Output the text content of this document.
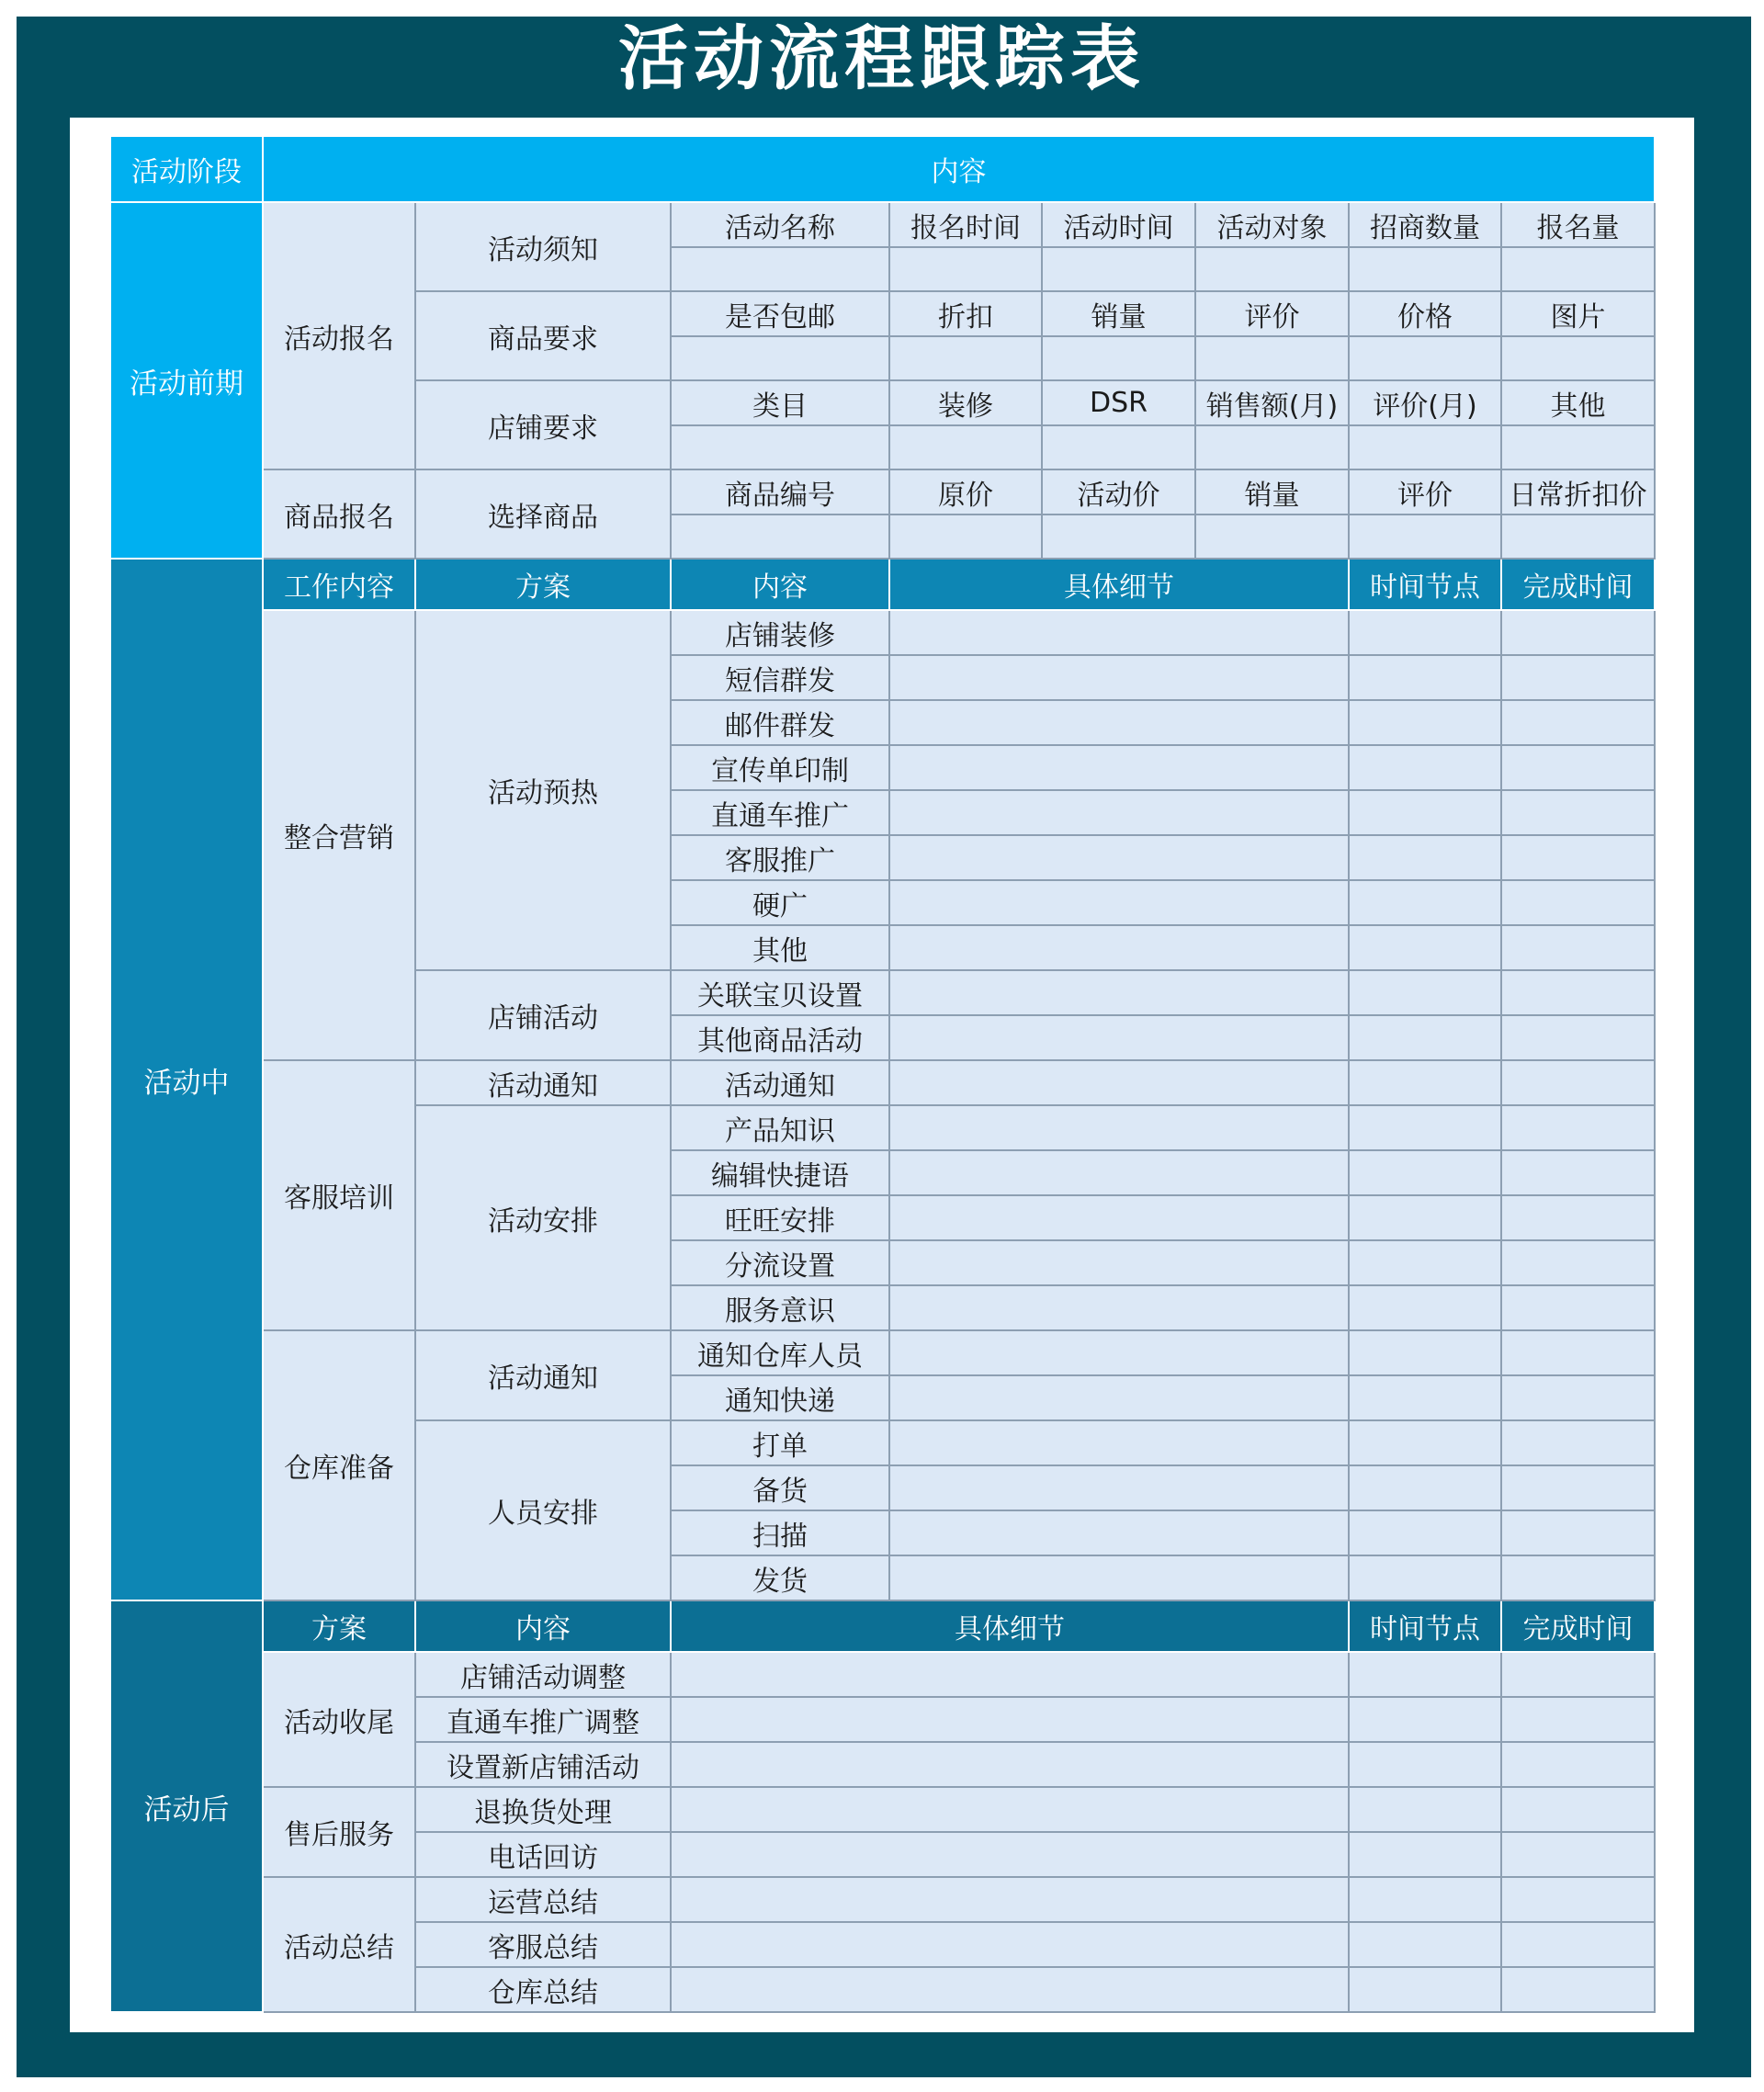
活动流程跟踪表
活动阶段	内容							
活动前期	活动报名	活动须知	活动名称	报名时间	活动时间	活动对象	招商数量	报名量

		商品要求	是否包邮	折扣	销量	评价	价格	图片

		店铺要求	类目	装修	DSR	销售额(月)	评价(月)	其他

	商品报名	选择商品	商品编号	原价	活动价	销量	评价	日常折扣价

活动中	工作内容	方案	内容	具体细节			时间节点	完成时间
	整合营销	活动预热	店铺装修					
			短信群发					
			邮件群发					
			宣传单印制					
			直通车推广					
			客服推广					
			硬广					
			其他					
		店铺活动	关联宝贝设置					
			其他商品活动					
	客服培训	活动通知	活动通知					
		活动安排	产品知识					
			编辑快捷语					
			旺旺安排					
			分流设置					
			服务意识					
	仓库准备	活动通知	通知仓库人员					
			通知快递					
		人员安排	打单					
			备货					
			扫描					
			发货					
活动后	方案	内容	具体细节				时间节点	完成时间
	活动收尾	店铺活动调整						
		直通车推广调整						
		设置新店铺活动						
	售后服务	退换货处理						
		电话回访						
	活动总结	运营总结						
		客服总结						
		仓库总结						
